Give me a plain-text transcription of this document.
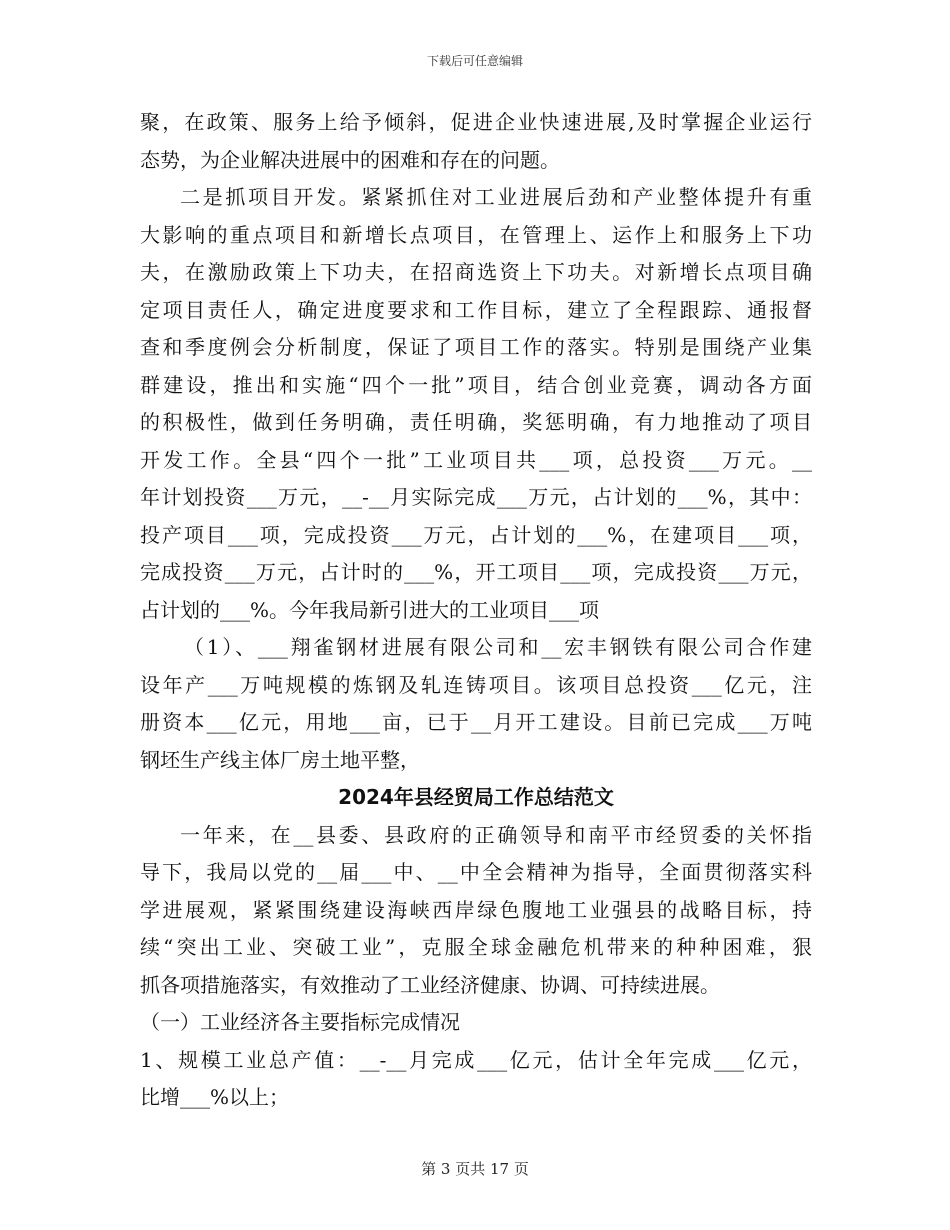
下载后可任意编辑
聚，在政策、服务上给予倾斜，促进企业快速进展,及时掌握企业运行
态势，为企业解决进展中的困难和存在的问题。
二是抓项目开发。紧紧抓住对工业进展后劲和产业整体提升有重
大影响的重点项目和新增长点项目，在管理上、运作上和服务上下功
夫，在激励政策上下功夫，在招商选资上下功夫。对新增长点项目确
定项目责任人，确定进度要求和工作目标，建立了全程跟踪、通报督
查和季度例会分析制度，保证了项目工作的落实。特别是围绕产业集
群建设，推出和实施“四个一批”项目，结合创业竞赛，调动各方面
的积极性，做到任务明确，责任明确，奖惩明确，有力地推动了项目
开发工作。全县“四个一批”工业项目共___项，总投资___万元。__
年计划投资___万元，__-__月实际完成___万元，占计划的___%，其中：
投产项目___项，完成投资___万元，占计划的___%，在建项目___项，
完成投资___万元，占计时的___%，开工项目___项，完成投资___万元，
占计划的___%。今年我局新引进大的工业项目___项
（1）、___翔雀钢材进展有限公司和__宏丰钢铁有限公司合作建
设年产___万吨规模的炼钢及轧连铸项目。该项目总投资___亿元，注
册资本___亿元，用地___亩，已于__月开工建设。目前已完成___万吨
钢坯生产线主体厂房土地平整，
2024年县经贸局工作总结范文
一年来，在__县委、县政府的正确领导和南平市经贸委的关怀指
导下，我局以党的__届___中、__中全会精神为指导，全面贯彻落实科
学进展观，紧紧围绕建设海峡西岸绿色腹地工业强县的战略目标，持
续“突出工业、突破工业”，克服全球金融危机带来的种种困难，狠
抓各项措施落实，有效推动了工业经济健康、协调、可持续进展。
（一）工业经济各主要指标完成情况
1、规模工业总产值：__-__月完成___亿元，估计全年完成___亿元，
比增___%以上；
第 3 页共 17 页
